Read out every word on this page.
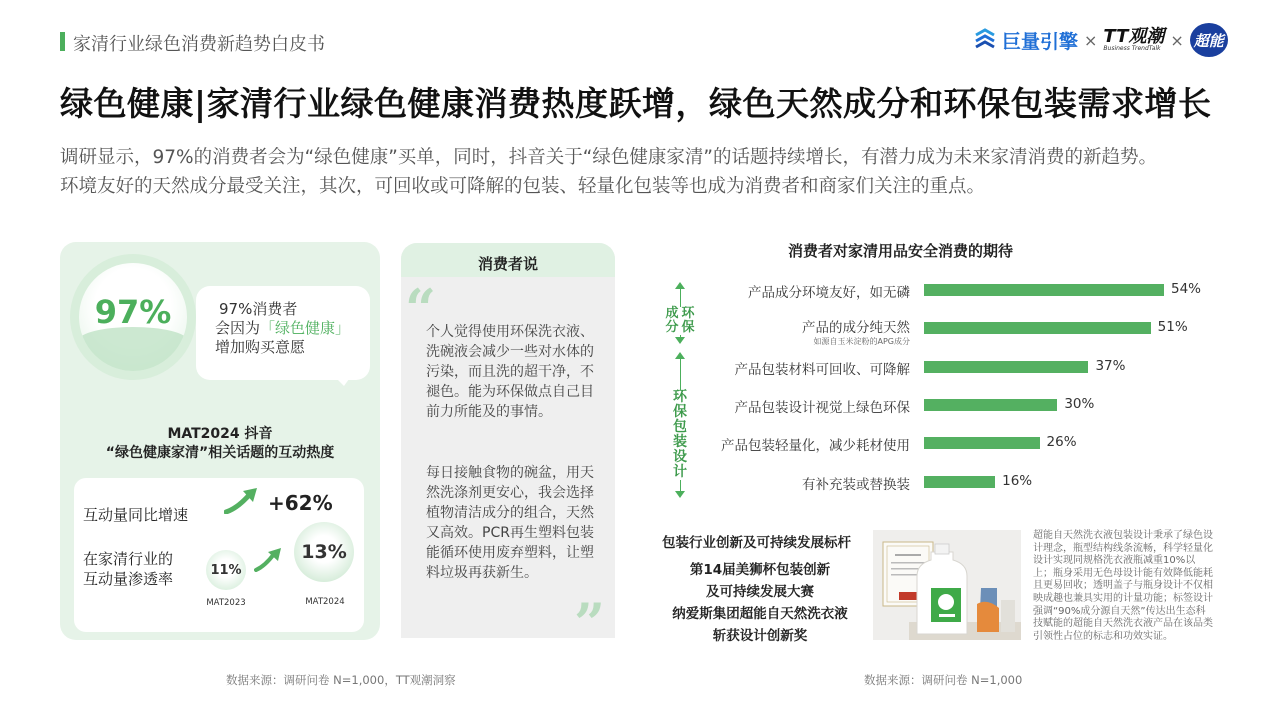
家清行业绿色消费新趋势白皮书	巨量引擎 × TT观潮
Business TrendTalk × 超能
绿色健康|家清行业绿色健康消费热度跃增，绿色天然成分和环保包装需求增长

调研显示，97%的消费者会为“绿色健康”买单，同时，抖音关于“绿色健康家清”的话题持续增长，有潜力成为未来家清消费的新趋势。

环境友好的天然成分最受关注，其次，可回收或可降解的包装、轻量化包装等也成为消费者和商家们关注的重点。

97%	97%消费者
会因为「绿色健康」
增加购买意愿
MAT2024 抖音
“绿色健康家清”相关话题的互动热度
互动量同比增速	+62%
在家清行业的
互动量渗透率	11%
13%
MAT2023	MAT2024
消费者说
“
个人觉得使用环保洗衣液、洗碗液会减少一些对水体的污染，而且洗的超干净，不褪色。能为环保做点自己目前力所能及的事情。
每日接触食物的碗盆，用天然洗涤剂更安心，我会选择植物清洁成分的组合，天然又高效。PCR再生塑料包装能循环使用废弃塑料，让塑料垃圾再获新生。
”
消费者对家清用品安全消费的期待
产品成分环境友好，如无磷	54%
产品的成分纯天然
如源自玉米淀粉的APG成分
51%
产品包装材料可回收、可降解	37%
产品包装设计视觉上绿色环保	30%
产品包装轻量化，减少耗材使用	26%
有补充装或替换装	16%
成
分
环
保
环
保
包
装
设
计
包装行业创新及可持续发展标杆
第14届美狮杯包装创新
及可持续发展大赛
纳爱斯集团超能自天然洗衣液
斩获设计创新奖
超能自天然洗衣液包装设计秉承了绿色设计理念，瓶型结构线条流畅，科学轻量化设计实现同规格洗衣液瓶减重10%以上；瓶身采用无色母设计能有效降低能耗且更易回收；透明盖子与瓶身设计不仅相映成趣也兼具实用的计量功能；标签设计强调“90%成分源自天然”传达出生态科技赋能的超能自天然洗衣液产品在该品类引领性占位的标志和功效实证。
数据来源：调研问卷 N=1,000，TT观潮洞察	数据来源：调研问卷 N=1,000
